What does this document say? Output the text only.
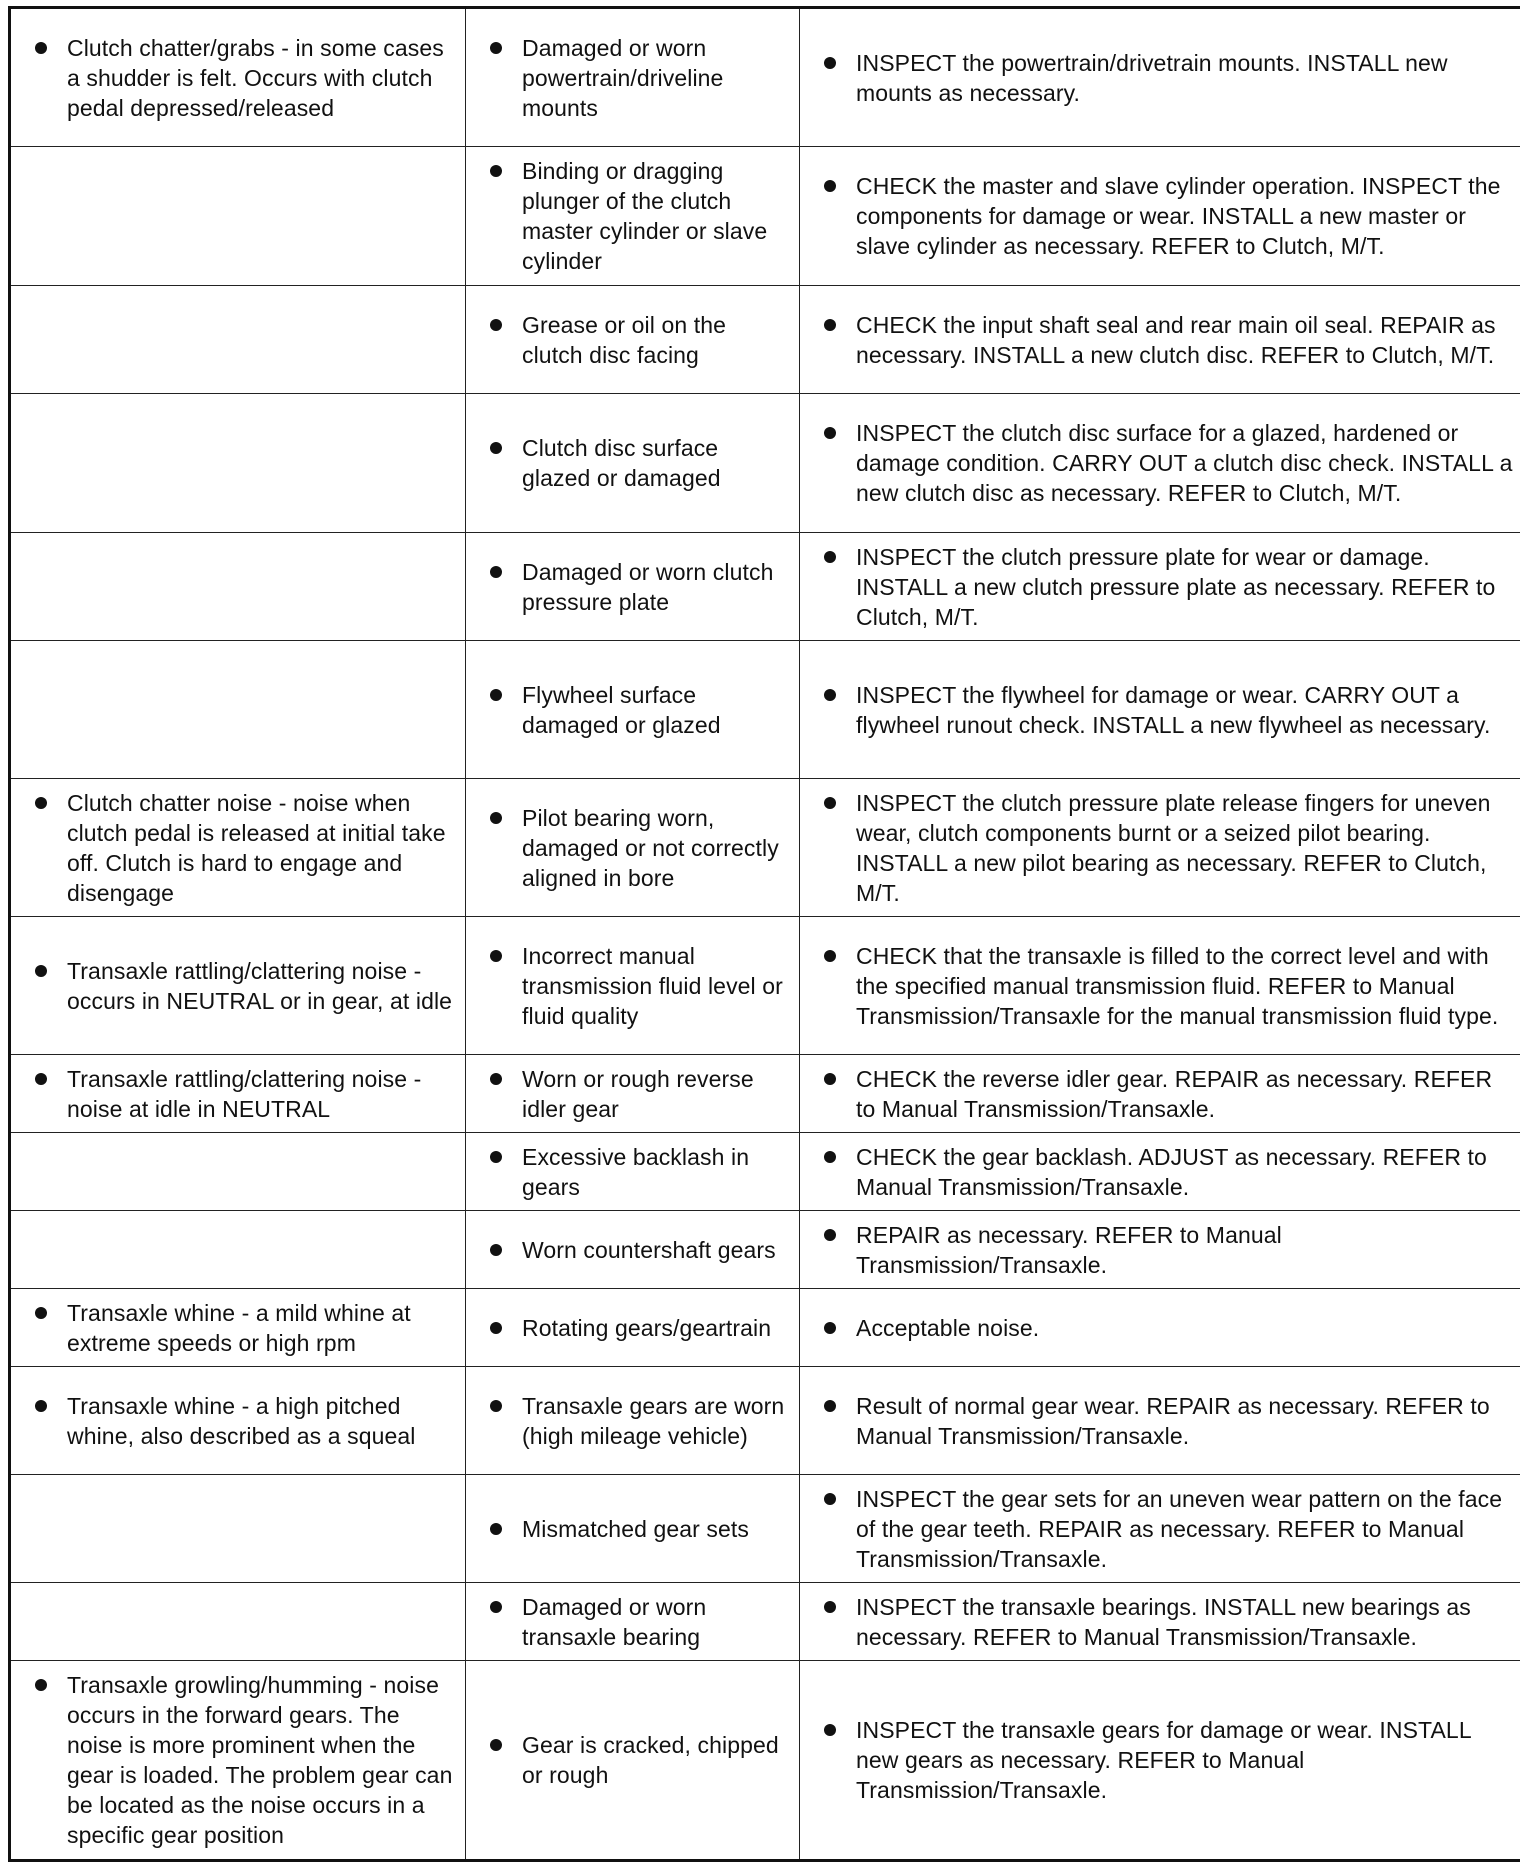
Clutch chatter/grabs - in some cases a shudder is felt. Occurs with clutch pedal depressed/released	Damaged or worn powertrain/driveline mounts	INSPECT the powertrain/drivetrain mounts. INSTALL new mounts as necessary.

	Binding or dragging plunger of the clutch master cylinder or slave cylinder	CHECK the master and slave cylinder operation. INSPECT the components for damage or wear. INSTALL a new master or slave cylinder as necessary. REFER to Clutch, M/T.

	Grease or oil on the clutch disc facing	CHECK the input shaft seal and rear main oil seal. REPAIR as necessary. INSTALL a new clutch disc. REFER to Clutch, M/T.

	Clutch disc surface glazed or damaged	INSPECT the clutch disc surface for a glazed, hardened or damage condition. CARRY OUT a clutch disc check. INSTALL a new clutch disc as necessary. REFER to Clutch, M/T.

	Damaged or worn clutch pressure plate	INSPECT the clutch pressure plate for wear or damage. INSTALL a new clutch pressure plate as necessary. REFER to Clutch, M/T.

	Flywheel surface damaged or glazed	INSPECT the flywheel for damage or wear. CARRY OUT a flywheel runout check. INSTALL a new flywheel as necessary.

Clutch chatter noise - noise when clutch pedal is released at initial take off. Clutch is hard to engage and disengage	Pilot bearing worn, damaged or not correctly aligned in bore	INSPECT the clutch pressure plate release fingers for uneven wear, clutch components burnt or a seized pilot bearing. INSTALL a new pilot bearing as necessary. REFER to Clutch, M/T.

Transaxle rattling/clattering noise - occurs in NEUTRAL or in gear, at idle	Incorrect manual transmission fluid level or fluid quality	CHECK that the transaxle is filled to the correct level and with the specified manual transmission fluid. REFER to Manual Transmission/Transaxle for the manual transmission fluid type.

Transaxle rattling/clattering noise - noise at idle in NEUTRAL	Worn or rough reverse idler gear	CHECK the reverse idler gear. REPAIR as necessary. REFER to Manual Transmission/Transaxle.

	Excessive backlash in gears	CHECK the gear backlash. ADJUST as necessary. REFER to Manual Transmission/Transaxle.

	Worn countershaft gears	REPAIR as necessary. REFER to Manual Transmission/Transaxle.

Transaxle whine - a mild whine at extreme speeds or high rpm	Rotating gears/geartrain	Acceptable noise.

Transaxle whine - a high pitched whine, also described as a squeal	Transaxle gears are worn (high mileage vehicle)	Result of normal gear wear. REPAIR as necessary. REFER to Manual Transmission/Transaxle.

	Mismatched gear sets	INSPECT the gear sets for an uneven wear pattern on the face of the gear teeth. REPAIR as necessary. REFER to Manual Transmission/Transaxle.

	Damaged or worn transaxle bearing	INSPECT the transaxle bearings. INSTALL new bearings as necessary. REFER to Manual Transmission/Transaxle.

Transaxle growling/humming - noise occurs in the forward gears. The noise is more prominent when the gear is loaded. The problem gear can be located as the noise occurs in a specific gear position	Gear is cracked, chipped or rough	INSPECT the transaxle gears for damage or wear. INSTALL new gears as necessary. REFER to Manual Transmission/Transaxle.
